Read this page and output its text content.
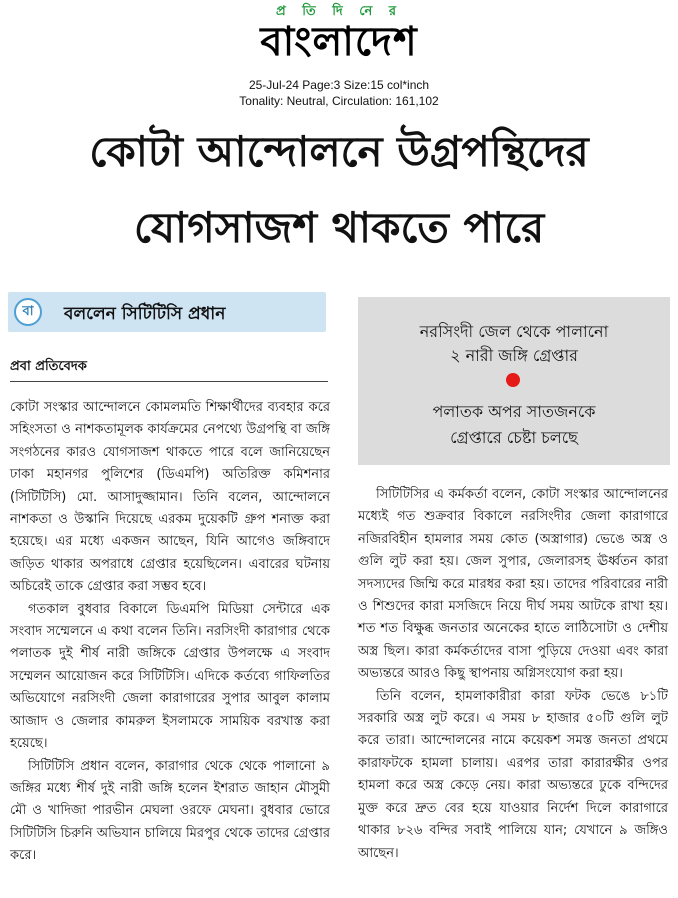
প্র তি দি নে র
বাংলাদেশ
25-Jul-24 Page:3 Size:15 col*inch
Tonality: Neutral, Circulation: 161,102
কোটা আন্দোলনে উগ্রপন্থিদের
যোগসাজশ থাকতে পারে
বা	বললেন সিটিটিসি প্রধান
প্রবা প্রতিবেদক

কোটা সংস্কার আন্দোলনে কোমলমতি শিক্ষার্থীদের ব্যবহার করে সহিংসতা ও নাশকতামূলক কার্যক্রমের নেপথ্যে উগ্রপন্থি বা জঙ্গি সংগঠনের কারও যোগসাজশ থাকতে পারে বলে জানিয়েছেন ঢাকা মহানগর পুলিশের (ডিএমপি) অতিরিক্ত কমিশনার (সিটিটিসি) মো. আসাদুজ্জামান। তিনি বলেন, আন্দোলনে নাশকতা ও উস্কানি দিয়েছে এরকম দুয়েকটি গ্রুপ শনাক্ত করা হয়েছে। এর মধ্যে একজন আছেন, যিনি আগেও জঙ্গিবাদে জড়িত থাকার অপরাধে গ্রেপ্তার হয়েছিলেন। এবারের ঘটনায় অচিরেই তাকে গ্রেপ্তার করা সম্ভব হবে।

গতকাল বুধবার বিকালে ডিএমপি মিডিয়া সেন্টারে এক সংবাদ সম্মেলনে এ কথা বলেন তিনি। নরসিংদী কারাগার থেকে পলাতক দুই শীর্ষ নারী জঙ্গিকে গ্রেপ্তার উপলক্ষে এ সংবাদ সম্মেলন আয়োজন করে সিটিটিসি। এদিকে কর্তব্যে গাফিলতির অভিযোগে নরসিংদী জেলা কারাগারের সুপার আবুল কালাম আজাদ ও জেলার কামরুল ইসলামকে সাময়িক বরখাস্ত করা হয়েছে।

সিটিটিসি প্রধান বলেন, কারাগার থেকে থেকে পালানো ৯ জঙ্গির মধ্যে শীর্ষ দুই নারী জঙ্গি হলেন ইশরাত জাহান মৌসুমী মৌ ও খাদিজা পারভীন মেঘলা ওরফে মেঘনা। বুধবার ভোরে সিটিটিসি চিরুনি অভিযান চালিয়ে মিরপুর থেকে তাদের গ্রেপ্তার করে।

নরসিংদী জেল থেকে পালানো
২ নারী জঙ্গি গ্রেপ্তার
পলাতক অপর সাতজনকে
গ্রেপ্তারে চেষ্টা চলছে

সিটিটিসির এ কর্মকর্তা বলেন, কোটা সংস্কার আন্দোলনের মধ্যেই গত শুক্রবার বিকালে নরসিংদীর জেলা কারাগারে নজিরবিহীন হামলার সময় কোত (অস্ত্রাগার) ভেঙে অস্ত্র ও গুলি লুট করা হয়। জেল সুপার, জেলারসহ ঊর্ধ্বতন কারা সদস্যদের জিম্মি করে মারধর করা হয়। তাদের পরিবারের নারী ও শিশুদের কারা মসজিদে নিয়ে দীর্ঘ সময় আটকে রাখা হয়। শত শত বিক্ষুব্ধ জনতার অনেকের হাতে লাঠিসোটা ও দেশীয় অস্ত্র ছিল। কারা কর্মকর্তাদের বাসা পুড়িয়ে দেওয়া এবং কারা অভ্যন্তরে আরও কিছু স্থাপনায় অগ্নিসংযোগ করা হয়।

তিনি বলেন, হামলাকারীরা কারা ফটক ভেঙে ৮১টি সরকারি অস্ত্র লুট করে। এ সময় ৮ হাজার ৫০টি গুলি লুট করে তারা। আন্দোলনের নামে কয়েকশ সমস্ত জনতা প্রথমে কারাফটকে হামলা চালায়। এরপর তারা কারারক্ষীর ওপর হামলা করে অস্ত্র কেড়ে নেয়। কারা অভ্যন্তরে ঢুকে বন্দিদের মুক্ত করে দ্রুত বের হয়ে যাওয়ার নির্দেশ দিলে কারাগারে থাকার ৮২৬ বন্দির সবাই পালিয়ে যান; যেখানে ৯ জঙ্গিও আছেন।
